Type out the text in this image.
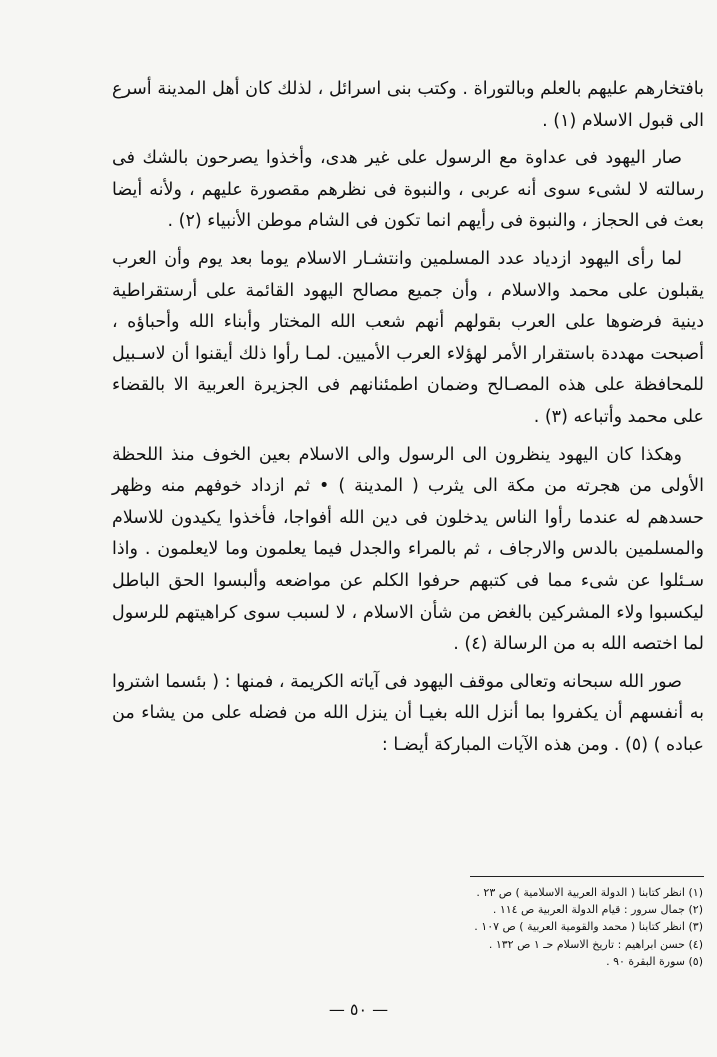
بافتخارهم عليهم بالعلم وبالتوراة . وكتب بنى اسرائل ، لذلك كان أهل المدينة أسرع الى قبول الاسلام (١) .

صار اليهود فى عداوة مع الرسول على غير هدى، وأخذوا يصرحون بالشك فى رسالته لا لشىء سوى أنه عربى ، والنبوة فى نظرهم مقصورة عليهم ، ولأنه أيضا بعث فى الحجاز ، والنبوة فى رأيهم انما تكون فى الشام موطن الأنبياء (٢) .

لما رأى اليهود ازدياد عدد المسلمين وانتشـار الاسلام يوما بعد يوم وأن العرب يقبلون على محمد والاسلام ، وأن جميع مصالح اليهود القائمة على أرستقراطية دينية فرضوها على العرب بقولهم أنهم شعب الله المختار وأبناء الله وأحباؤه ، أصبحت مهددة باستقرار الأمر لهؤلاء العرب الأميين. لمـا رأوا ذلك أيقنوا أن لاسـبيل للمحافظة على هذه المصـالح وضمان اطمئنانهم فى الجزيرة العربية الا بالقضاء على محمد وأتباعه (٣) .

وهكذا كان اليهود ينظرون الى الرسول والى الاسلام بعين الخوف منذ اللحظة الأولى من هجرته من مكة الى يثرب ( المدينة ) • ثم ازداد خوفهم منه وظهر حسدهم له عندما رأوا الناس يدخلون فى دين الله أفواجا، فأخذوا يكيدون للاسلام والمسلمين بالدس والارجاف ، ثم بالمراء والجدل فيما يعلمون وما لايعلمون . واذا سـئلوا عن شىء مما فى كتبهم حرفوا الكلم عن مواضعه وألبسوا الحق الباطل ليكسبوا ولاء المشركين بالغض من شأن الاسلام ، لا لسبب سوى كراهيتهم للرسول لما اختصه الله به من الرسالة (٤) .

صور الله سبحانه وتعالى موقف اليهود فى آياته الكريمة ، فمنها : ( بئسما اشتروا به أنفسهم أن يكفروا بما أنزل الله بغيـا أن ينزل الله من فضله على من يشاء من عباده ) (٥) . ومن هذه الآيات المباركة أيضـا :

(١) انظر كتابنا ( الدولة العربية الاسلامية ) ص ٢٣ .

(٢) جمال سرور : قيام الدولة العربية ص ١١٤ .

(٣) انظر كتابنا ( محمد والقومية العربية ) ص ١٠٧ .

(٤) حسن ابراهيم : تاريخ الاسلام حـ ١ ص ١٣٢ .

(٥) سورة البقرة ٩٠ .

— ٥٠ —
